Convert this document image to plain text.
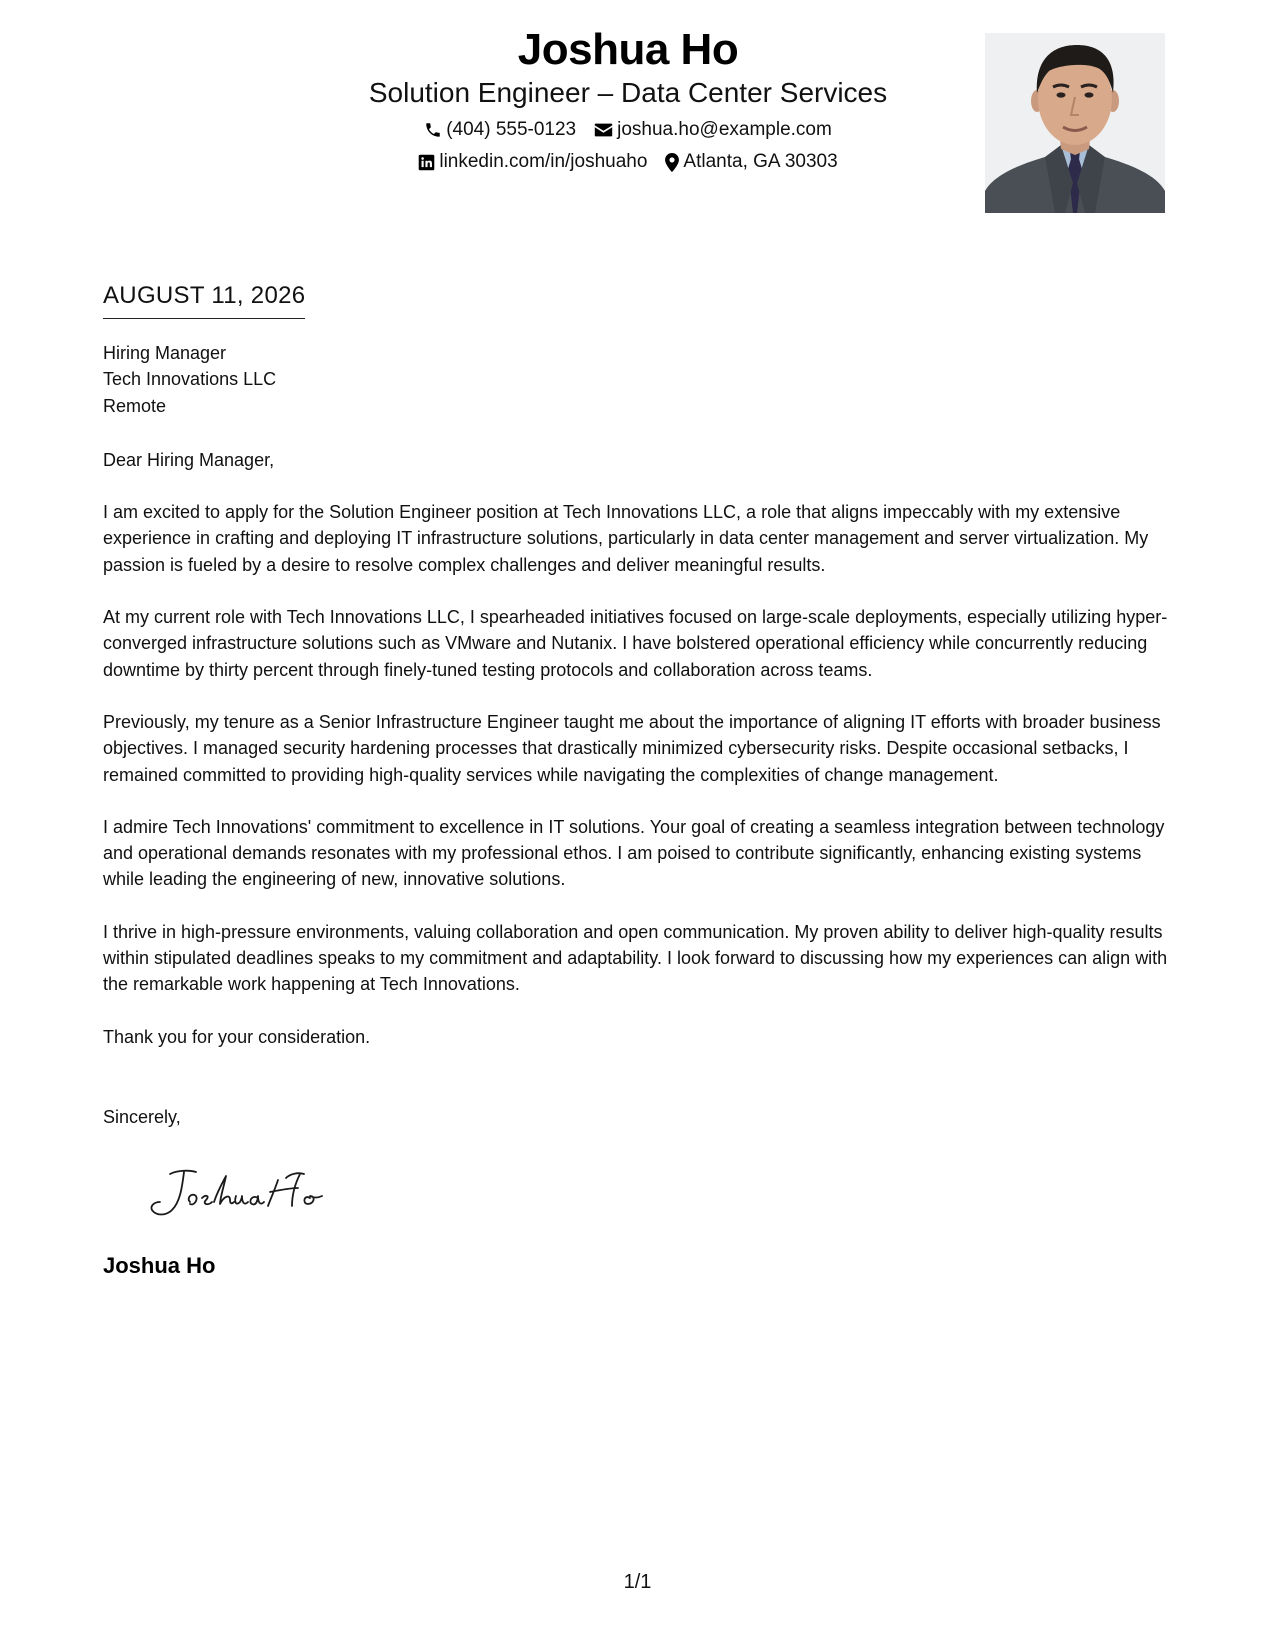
Joshua Ho
Solution Engineer – Data Center Services
(404) 555-0123 joshua.ho@example.com
linkedin.com/in/joshuaho Atlanta, GA 30303
AUGUST 11, 2026
Hiring Manager
Tech Innovations LLC
Remote
Dear Hiring Manager,

I am excited to apply for the Solution Engineer position at Tech Innovations LLC, a role that aligns impeccably with my extensive experience in crafting and deploying IT infrastructure solutions, particularly in data center management and server virtualization. My passion is fueled by a desire to resolve complex challenges and deliver meaningful results.

At my current role with Tech Innovations LLC, I spearheaded initiatives focused on large-scale deployments, especially utilizing hyper-converged infrastructure solutions such as VMware and Nutanix. I have bolstered operational efficiency while concurrently reducing downtime by thirty percent through finely-tuned testing protocols and collaboration across teams.

Previously, my tenure as a Senior Infrastructure Engineer taught me about the importance of aligning IT efforts with broader business objectives. I managed security hardening processes that drastically minimized cybersecurity risks. Despite occasional setbacks, I remained committed to providing high-quality services while navigating the complexities of change management.

I admire Tech Innovations' commitment to excellence in IT solutions. Your goal of creating a seamless integration between technology and operational demands resonates with my professional ethos. I am poised to contribute significantly, enhancing existing systems while leading the engineering of new, innovative solutions.

I thrive in high-pressure environments, valuing collaboration and open communication. My proven ability to deliver high-quality results within stipulated deadlines speaks to my commitment and adaptability. I look forward to discussing how my experiences can align with the remarkable work happening at Tech Innovations.

Thank you for your consideration.
Sincerely,
Joshua Ho
1/1
